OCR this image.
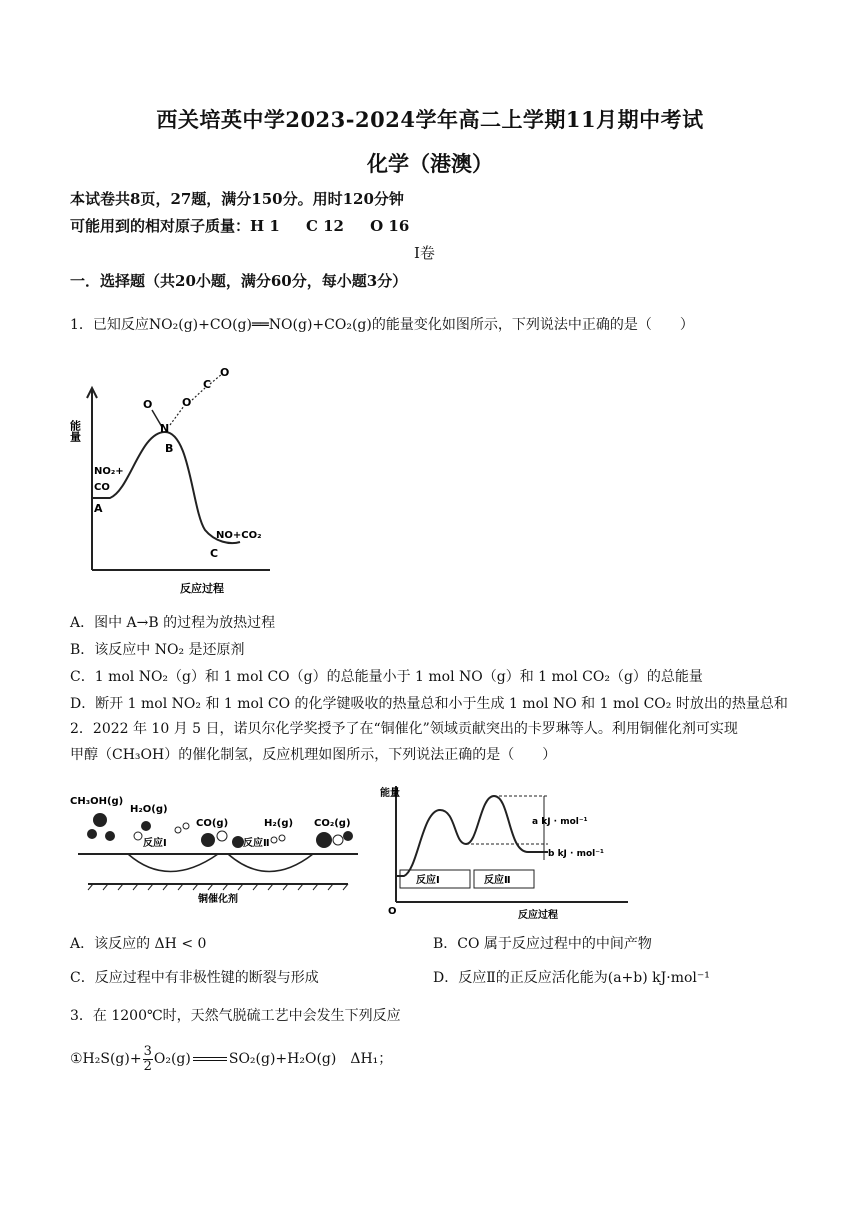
西关培英中学2023-2024学年高二上学期11月期中考试
化学（港澳）
本试卷共8页，27题，满分150分。用时120分钟
可能用到的相对原子质量：H 1     C 12     O 16
Ⅰ卷
一．选择题（共20小题，满分60分，每小题3分）
1．已知反应NO₂(g)+CO(g)══NO(g)+CO₂(g)的能量变化如图所示，下列说法中正确的是（　　）
N
O	O
C
O
能量
NO₂+
CO
A
B
NO+CO₂
C
反应过程
A．图中 A→B 的过程为放热过程
B．该反应中 NO₂ 是还原剂
C．1 mol NO₂（g）和 1 mol CO（g）的总能量小于 1 mol NO（g）和 1 mol CO₂（g）的总能量
D．断开 1 mol NO₂ 和 1 mol CO 的化学键吸收的热量总和小于生成 1 mol NO 和 1 mol CO₂ 时放出的热量总和
2．2022 年 10 月 5 日，诺贝尔化学奖授予了在“铜催化”领域贡献突出的卡罗琳等人。利用铜催化剂可实现
甲醇（CH₃OH）的催化制氢，反应机理如图所示，下列说法正确的是（　　）
CH₃OH(g)
H₂O(g)
CO(g)	H₂(g) CO₂(g)
反应Ⅰ	反应Ⅱ
铜催化剂
能量
a kJ · mol⁻¹
b kJ · mol⁻¹
反应Ⅰ	反应Ⅱ
O	反应过程
A．该反应的 ΔH < 0	B．CO 属于反应过程中的中间产物
C．反应过程中有非极性键的断裂与形成	D．反应Ⅱ的正反应活化能为(a+b) kJ·mol⁻¹
3．在 1200℃时，天然气脱硫工艺中会发生下列反应
①H₂S(g)+ $\frac{3}{2} O_2(g)$	SO₂(g)+H₂O(g)　ΔH₁；
